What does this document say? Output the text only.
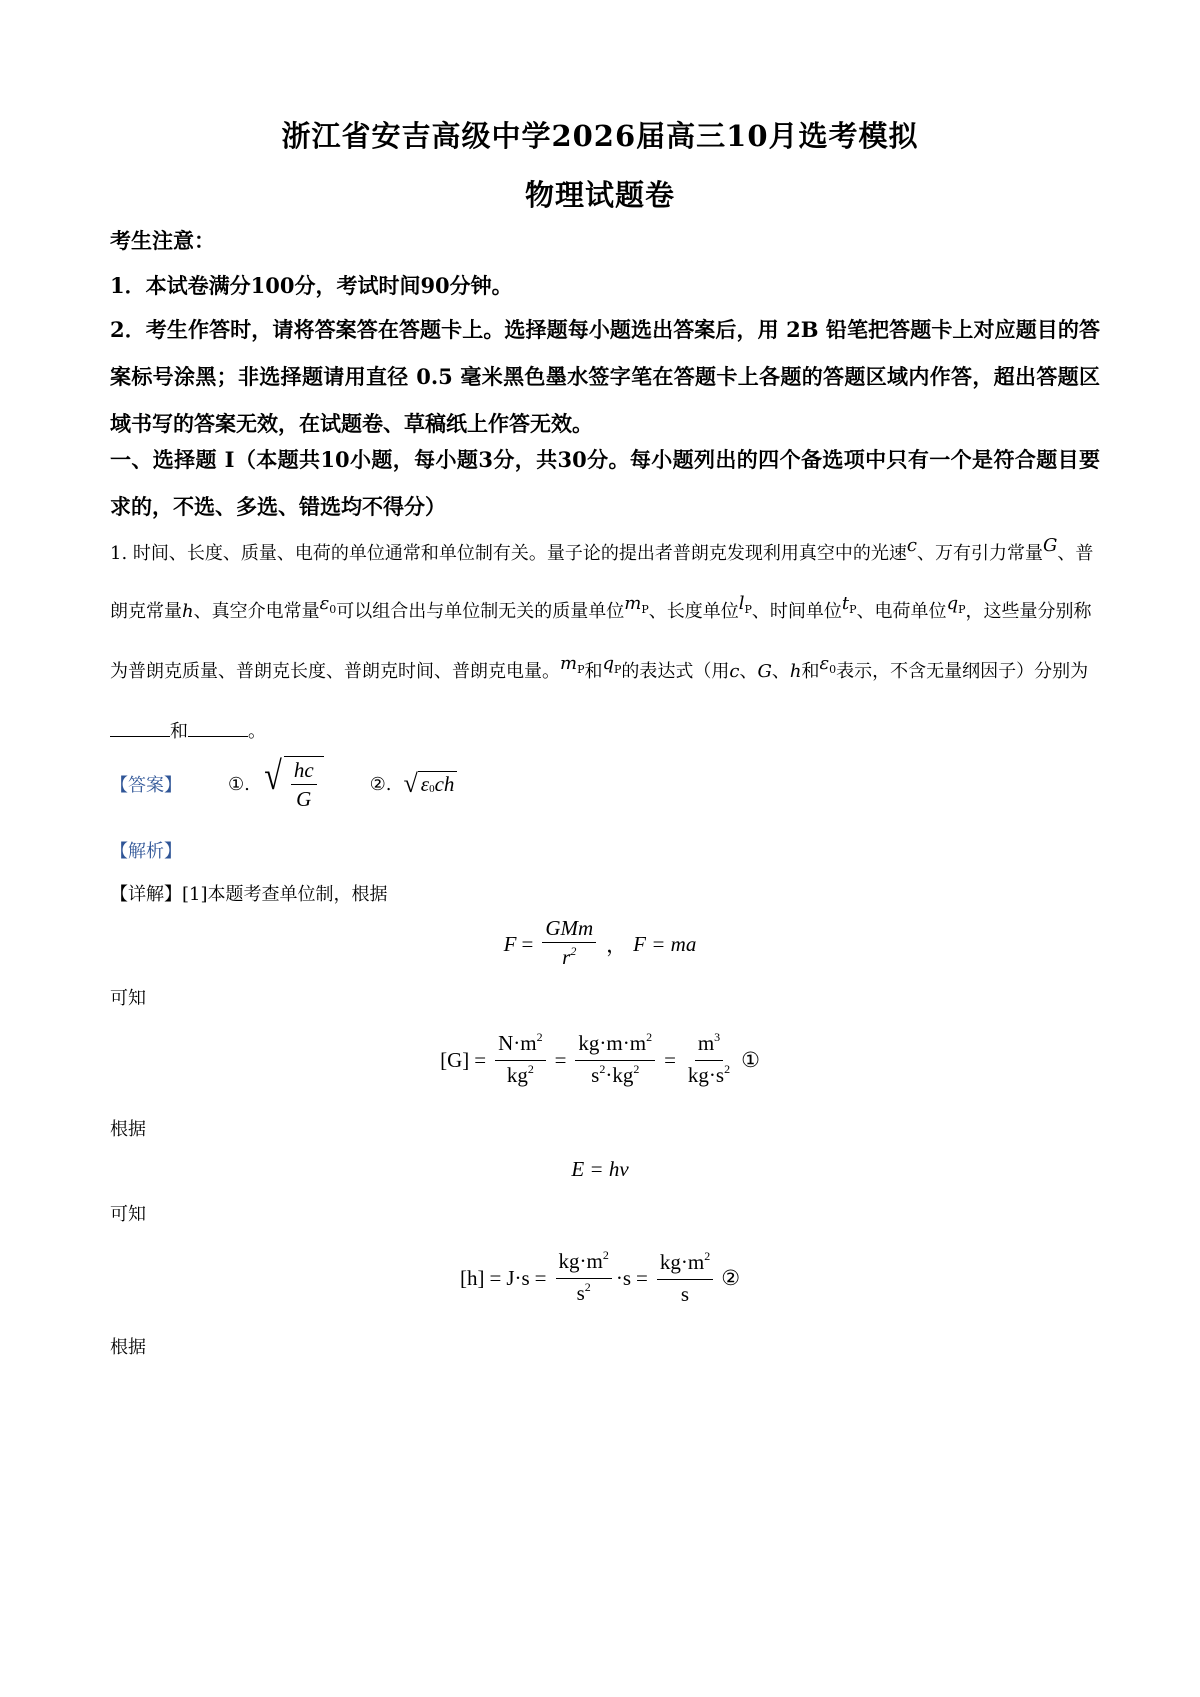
浙江省安吉高级中学2026届高三10月选考模拟
物理试题卷
考生注意：
1．本试卷满分100分，考试时间90分钟。
2．考生作答时，请将答案答在答题卡上。选择题每小题选出答案后，用 2B 铅笔把答题卡上对应题目的答案标号涂黑；非选择题请用直径 0.5 毫米黑色墨水签字笔在答题卡上各题的答题区域内作答，超出答题区域书写的答案无效，在试题卷、草稿纸上作答无效。
一、选择题 I（本题共10小题，每小题3分，共30分。每小题列出的四个备选项中只有一个是符合题目要求的，不选、多选、错选均不得分）
1. 时间、长度、质量、电荷的单位通常和单位制有关。量子论的提出者普朗克发现利用真空中的光速c、万有引力常量G、普朗克常量h、真空介电常量$\varepsilon_0$可以组合出与单位制无关的质量单位$m_P$、长度单位$l_P$、时间单位$t_P$、电荷单位$q_P$，这些量分别称为普朗克质量、普朗克长度、普朗克时间、普朗克电量。$m_P$和$q_P$的表达式（用c、G、h和$\varepsilon_0$表示，不含无量纲因子）分别为和	。
【答案】	①. √ $\frac{hc}{G}$	②. √ ε 0 ch
【解析】
【详解】[1]本题考查单位制，根据
$F = \frac{\text{GMm}}{r^2}$ ， F = ma
可知
$[G] = \frac{N\cdot m^2}{kg^2} = \frac{kg\cdot m\cdot m^2}{s^2\cdot kg^2} = \frac{m^3}{kg\cdot s^2}$ ①
根据
E = hν
可知
$[h] = J\cdot s = \frac{kg\cdot m^2}{s^2} \cdot s = \frac{kg\cdot m^2}{s}$ ②
根据
